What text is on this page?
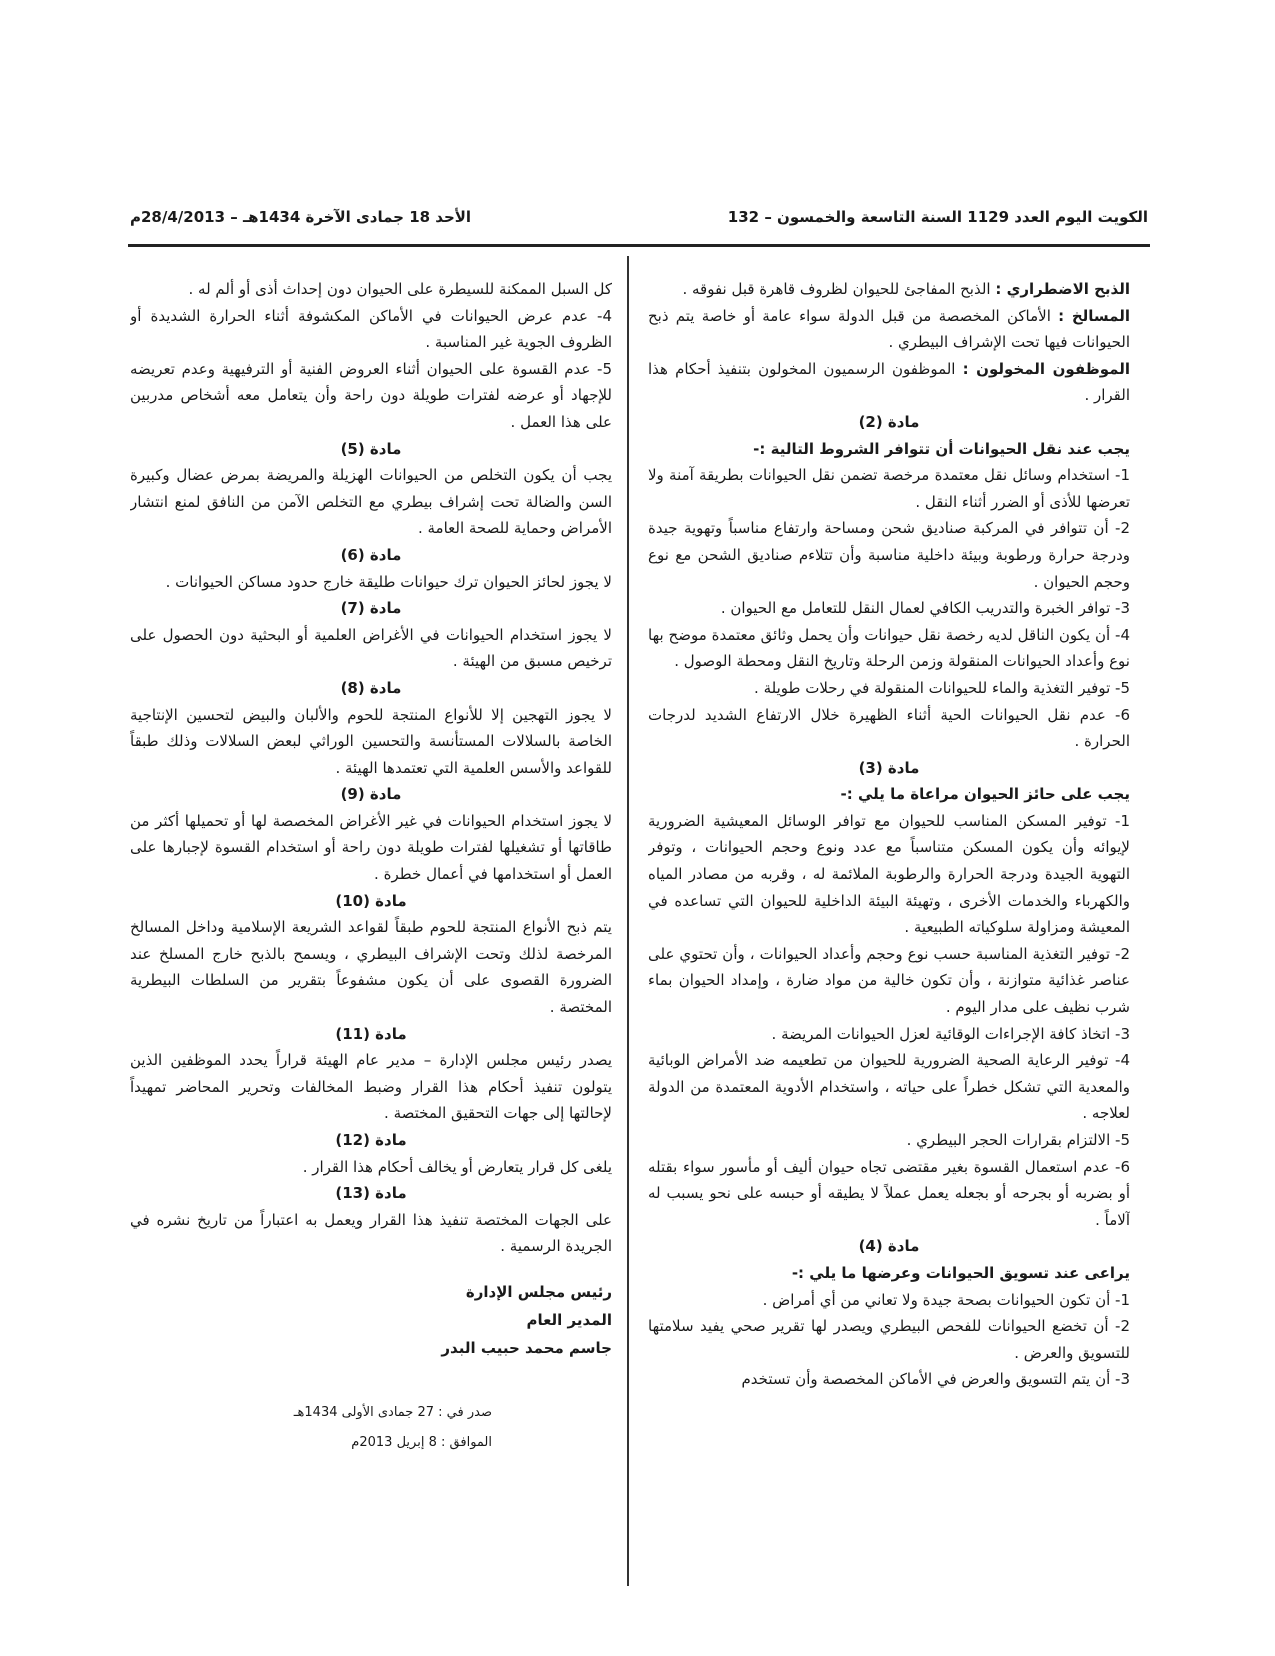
الكويت اليوم العدد 1129 السنة التاسعة والخمسون – 132
الأحد 18 جمادى الآخرة 1434هـ – 28/4/2013م

الذبح الاضطراري : الذبح المفاجئ للحيوان لظروف قاهرة قبل نفوقه .

المسالخ : الأماكن المخصصة من قبل الدولة سواء عامة أو خاصة يتم ذبح الحيوانات فيها تحت الإشراف البيطري .

الموظفون المخولون : الموظفون الرسميون المخولون بتنفيذ أحكام هذا القرار .

مادة (2)

يجب عند نقل الحيوانات أن تتوافر الشروط التالية :-

1- استخدام وسائل نقل معتمدة مرخصة تضمن نقل الحيوانات بطريقة آمنة ولا تعرضها للأذى أو الضرر أثناء النقل .

2- أن تتوافر في المركبة صناديق شحن ومساحة وارتفاع مناسباً وتهوية جيدة ودرجة حرارة ورطوبة وبيئة داخلية مناسبة وأن تتلاءم صناديق الشحن مع نوع وحجم الحيوان .

3- توافر الخبرة والتدريب الكافي لعمال النقل للتعامل مع الحيوان .

4- أن يكون الناقل لديه رخصة نقل حيوانات وأن يحمل وثائق معتمدة موضح بها نوع وأعداد الحيوانات المنقولة وزمن الرحلة وتاريخ النقل ومحطة الوصول .

5- توفير التغذية والماء للحيوانات المنقولة في رحلات طويلة .

6- عدم نقل الحيوانات الحية أثناء الظهيرة خلال الارتفاع الشديد لدرجات الحرارة .

مادة (3)

يجب على حائز الحيوان مراعاة ما يلي :-

1- توفير المسكن المناسب للحيوان مع توافر الوسائل المعيشية الضرورية لإيوائه وأن يكون المسكن متناسباً مع عدد ونوع وحجم الحيوانات ، وتوفر التهوية الجيدة ودرجة الحرارة والرطوبة الملائمة له ، وقربه من مصادر المياه والكهرباء والخدمات الأخرى ، وتهيئة البيئة الداخلية للحيوان التي تساعده في المعيشة ومزاولة سلوكياته الطبيعية .

2- توفير التغذية المناسبة حسب نوع وحجم وأعداد الحيوانات ، وأن تحتوي على عناصر غذائية متوازنة ، وأن تكون خالية من مواد ضارة ، وإمداد الحيوان بماء شرب نظيف على مدار اليوم .

3- اتخاذ كافة الإجراءات الوقائية لعزل الحيوانات المريضة .

4- توفير الرعاية الصحية الضرورية للحيوان من تطعيمه ضد الأمراض الوبائية والمعدية التي تشكل خطراً على حياته ، واستخدام الأدوية المعتمدة من الدولة لعلاجه .

5- الالتزام بقرارات الحجر البيطري .

6- عدم استعمال القسوة بغير مقتضى تجاه حيوان أليف أو مأسور سواء بقتله أو بضربه أو بجرحه أو بجعله يعمل عملاً لا يطيقه أو حبسه على نحو يسبب له آلاماً .

مادة (4)

يراعى عند تسويق الحيوانات وعرضها ما يلي :-

1- أن تكون الحيوانات بصحة جيدة ولا تعاني من أي أمراض .

2- أن تخضع الحيوانات للفحص البيطري ويصدر لها تقرير صحي يفيد سلامتها للتسويق والعرض .

3- أن يتم التسويق والعرض في الأماكن المخصصة وأن تستخدم

كل السبل الممكنة للسيطرة على الحيوان دون إحداث أذى أو ألم له .

4- عدم عرض الحيوانات في الأماكن المكشوفة أثناء الحرارة الشديدة أو الظروف الجوية غير المناسبة .

5- عدم القسوة على الحيوان أثناء العروض الفنية أو الترفيهية وعدم تعريضه للإجهاد أو عرضه لفترات طويلة دون راحة وأن يتعامل معه أشخاص مدربين على هذا العمل .

مادة (5)

يجب أن يكون التخلص من الحيوانات الهزيلة والمريضة بمرض عضال وكبيرة السن والضالة تحت إشراف بيطري مع التخلص الآمن من النافق لمنع انتشار الأمراض وحماية للصحة العامة .

مادة (6)

لا يجوز لحائز الحيوان ترك حيوانات طليقة خارج حدود مساكن الحيوانات .

مادة (7)

لا يجوز استخدام الحيوانات في الأغراض العلمية أو البحثية دون الحصول على ترخيص مسبق من الهيئة .

مادة (8)

لا يجوز التهجين إلا للأنواع المنتجة للحوم والألبان والبيض لتحسين الإنتاجية الخاصة بالسلالات المستأنسة والتحسين الوراثي لبعض السلالات وذلك طبقاً للقواعد والأسس العلمية التي تعتمدها الهيئة .

مادة (9)

لا يجوز استخدام الحيوانات في غير الأغراض المخصصة لها أو تحميلها أكثر من طاقاتها أو تشغيلها لفترات طويلة دون راحة أو استخدام القسوة لإجبارها على العمل أو استخدامها في أعمال خطرة .

مادة (10)

يتم ذبح الأنواع المنتجة للحوم طبقاً لقواعد الشريعة الإسلامية وداخل المسالخ المرخصة لذلك وتحت الإشراف البيطري ، ويسمح بالذبح خارج المسلخ عند الضرورة القصوى على أن يكون مشفوعاً بتقرير من السلطات البيطرية المختصة .

مادة (11)

يصدر رئيس مجلس الإدارة – مدير عام الهيئة قراراً يحدد الموظفين الذين يتولون تنفيذ أحكام هذا القرار وضبط المخالفات وتحرير المحاضر تمهيداً لإحالتها إلى جهات التحقيق المختصة .

مادة (12)

يلغى كل قرار يتعارض أو يخالف أحكام هذا القرار .

مادة (13)

على الجهات المختصة تنفيذ هذا القرار ويعمل به اعتباراً من تاريخ نشره في الجريدة الرسمية .

رئيس مجلس الإدارة
المدير العام
جاسم محمد حبيب البدر
صدر في : 27 جمادى الأولى 1434هـ
الموافق : 8 إبريل 2013م
